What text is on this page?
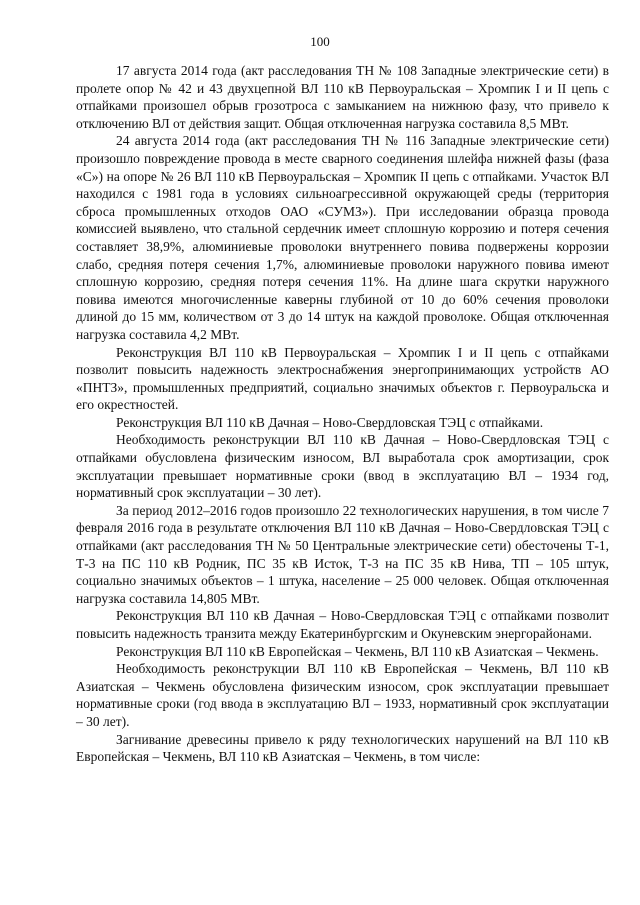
100

17 августа 2014 года (акт расследования ТН № 108 Западные электрические сети) в пролете опор № 42 и 43 двухцепной ВЛ 110 кВ Первоуральская – Хромпик I и II цепь с отпайками произошел обрыв грозотроса с замыканием на нижнюю фазу, что привело к отключению ВЛ от действия защит. Общая отключенная нагрузка составила 8,5 МВт.

24 августа 2014 года (акт расследования ТН № 116 Западные электрические сети) произошло повреждение провода в месте сварного соединения шлейфа нижней фазы (фаза «С») на опоре № 26 ВЛ 110 кВ Первоуральская – Хромпик II цепь с отпайками. Участок ВЛ находился с 1981 года в условиях сильноагрессивной окружающей среды (территория сброса промышленных отходов ОАО «СУМЗ»). При исследовании образца провода комиссией выявлено, что стальной сердечник имеет сплошную коррозию и потеря сечения составляет 38,9%, алюминиевые проволоки внутреннего повива подвержены коррозии слабо, средняя потеря сечения 1,7%, алюминиевые проволоки наружного повива имеют сплошную коррозию, средняя потеря сечения 11%. На длине шага скрутки наружного повива имеются многочисленные каверны глубиной от 10 до 60% сечения проволоки длиной до 15 мм, количеством от 3 до 14 штук на каждой проволоке. Общая отключенная нагрузка составила 4,2 МВт.

Реконструкция ВЛ 110 кВ Первоуральская – Хромпик I и II цепь с отпайками позволит повысить надежность электроснабжения энергопринимающих устройств АО «ПНТЗ», промышленных предприятий, социально значимых объектов г. Первоуральска и его окрестностей.

Реконструкция ВЛ 110 кВ Дачная – Ново-Свердловская ТЭЦ с отпайками.

Необходимость реконструкции ВЛ 110 кВ Дачная – Ново-Свердловская ТЭЦ с отпайками обусловлена физическим износом, ВЛ выработала срок амортизации, срок эксплуатации превышает нормативные сроки (ввод в эксплуатацию ВЛ – 1934 год, нормативный срок эксплуатации – 30 лет).

За период 2012–2016 годов произошло 22 технологических нарушения, в том числе 7 февраля 2016 года в результате отключения ВЛ 110 кВ Дачная – Ново-Свердловская ТЭЦ с отпайками (акт расследования ТН № 50 Центральные электрические сети) обесточены Т-1, Т-3 на ПС 110 кВ Родник, ПС 35 кВ Исток, Т-3 на ПС 35 кВ Нива, ТП – 105 штук, социально значимых объектов – 1 штука, население – 25 000 человек. Общая отключенная нагрузка составила 14,805 МВт.

Реконструкция ВЛ 110 кВ Дачная – Ново-Свердловская ТЭЦ с отпайками позволит повысить надежность транзита между Екатеринбургским и Окуневским энергорайонами.

Реконструкция ВЛ 110 кВ Европейская – Чекмень, ВЛ 110 кВ Азиатская – Чекмень.

Необходимость реконструкции ВЛ 110 кВ Европейская – Чекмень, ВЛ 110 кВ Азиатская – Чекмень обусловлена физическим износом, срок эксплуатации превышает нормативные сроки (год ввода в эксплуатацию ВЛ – 1933, нормативный срок эксплуатации – 30 лет).

Загнивание древесины привело к ряду технологических нарушений на ВЛ 110 кВ Европейская – Чекмень, ВЛ 110 кВ Азиатская – Чекмень, в том числе:
